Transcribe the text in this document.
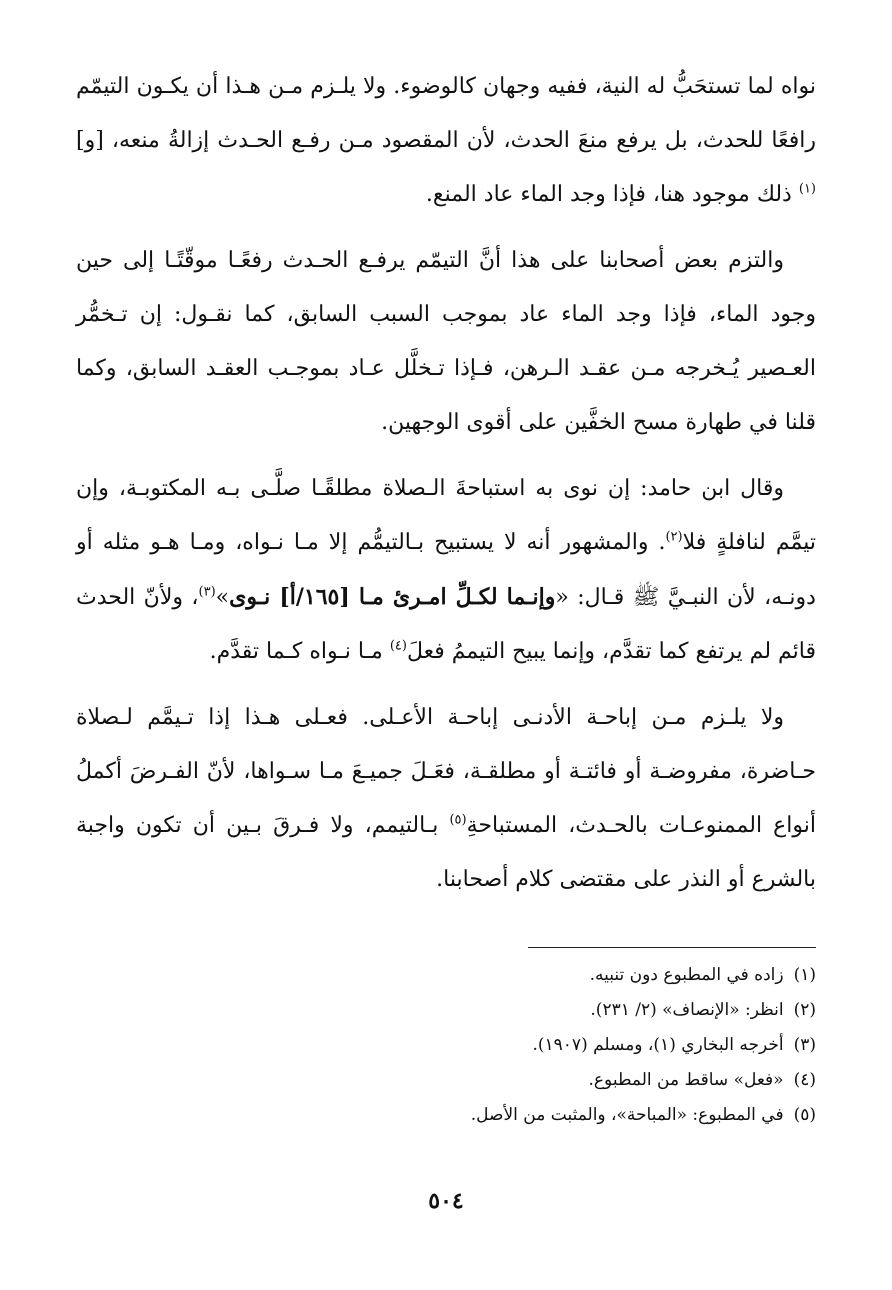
نواه لما تستحَبُّ له النية، ففيه وجهان كالوضوء. ولا يلـزم مـن هـذا أن يكـون التيمّم رافعًا للحدث، بل يرفع منعَ الحدث، لأن المقصود مـن رفـع الحـدث إزالةُ منعه، [و]$^{(١)}$ ذلك موجود هنا، فإذا وجد الماء عاد المنع.

والتزم بعض أصحابنا على هذا أنَّ التيمّم يرفـع الحـدث رفعًـا موقّتًـا إلى حين وجود الماء، فإذا وجد الماء عاد بموجب السبب السابق، كما نقـول: إن تـخمُّر العـصير يُـخرجه مـن عقـد الـرهن، فـإذا تـخلَّل عـاد بموجـب العقـد السابق، وكما قلنا في طهارة مسح الخفَّين على أقوى الوجهين.

وقال ابن حامد: إن نوى به استباحةَ الـصلاة مطلقًـا صلَّـى بـه المكتوبـة، وإن تيمَّم لنافلةٍ فلا$^{(٢)}$. والمشهور أنه لا يستبيح بـالتيمُّم إلا مـا نـواه، ومـا هـو مثله أو دونـه، لأن النبـيَّ ﷺ قـال: «وإنـما لكـلِّ امـرئ مـا [١٦٥/أ] نـوى»$^{(٣)}$، ولأنّ الحدث قائم لم يرتفع كما تقدَّم، وإنما يبيح التيممُ فعلَ$^{(٤)}$ مـا نـواه كـما تقدَّم.

ولا يلـزم مـن إباحـة الأدنـى إباحـة الأعـلى. فعـلى هـذا إذا تـيمَّم لـصلاة حـاضرة، مفروضـة أو فائتـة أو مطلقـة، فعَـلَ جميـعَ مـا سـواها، لأنّ الفـرضَ أكملُ أنواع الممنوعـات بالحـدث، المستباحةِ$^{(٥)}$ بـالتيمم، ولا فـرقَ بـين أن تكون واجبة بالشرع أو النذر على مقتضى كلام أصحابنا.

(١)زاده في المطبوع دون تنبيه.
(٢)انظر: «الإنصاف» (٢/ ٢٣١).
(٣)أخرجه البخاري (١)، ومسلم (١٩٠٧).
(٤)«فعل» ساقط من المطبوع.
(٥)في المطبوع: «المباحة»، والمثبت من الأصل.
٥٠٤
